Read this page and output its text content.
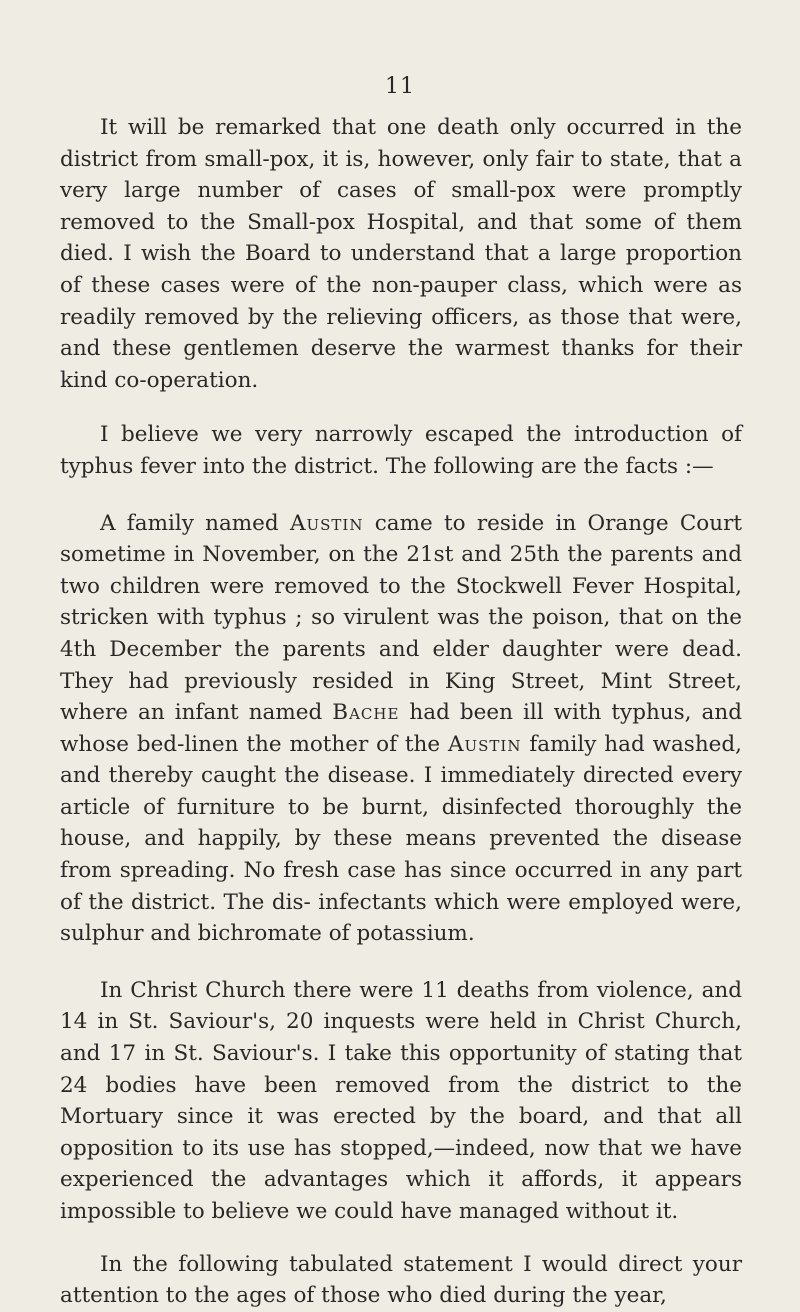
11

It will be remarked that one death only occurred in the district from small-pox, it is, however, only fair to state, that a very large number of cases of small-pox were promptly removed to the Small-pox Hospital, and that some of them died. I wish the Board to understand that a large proportion of these cases were of the non-pauper class, which were as readily removed by the relieving officers, as those that were, and these gentlemen deserve the warmest thanks for their kind co-operation.

I believe we very narrowly escaped the introduction of typhus fever into the district. The following are the facts :—

A family named Austin came to reside in Orange Court sometime in November, on the 21st and 25th the parents and two children were removed to the Stockwell Fever Hospital, stricken with typhus ; so virulent was the poison, that on the 4th December the parents and elder daughter were dead. They had previously resided in King Street, Mint Street, where an infant named Bache had been ill with typhus, and whose bed-linen the mother of the Austin family had washed, and thereby caught the disease. I immediately directed every article of furniture to be burnt, disinfected thoroughly the house, and happily, by these means prevented the disease from spreading. No fresh case has since occurred in any part of the district. The dis- infectants which were employed were, sulphur and bichromate of potassium.

In Christ Church there were 11 deaths from violence, and 14 in St. Saviour's, 20 inquests were held in Christ Church, and 17 in St. Saviour's. I take this opportunity of stating that 24 bodies have been removed from the district to the Mortuary since it was erected by the board, and that all opposition to its use has stopped,—indeed, now that we have experienced the advantages which it affords, it appears impossible to believe we could have managed without it.

In the following tabulated statement I would direct your attention to the ages of those who died during the year,
